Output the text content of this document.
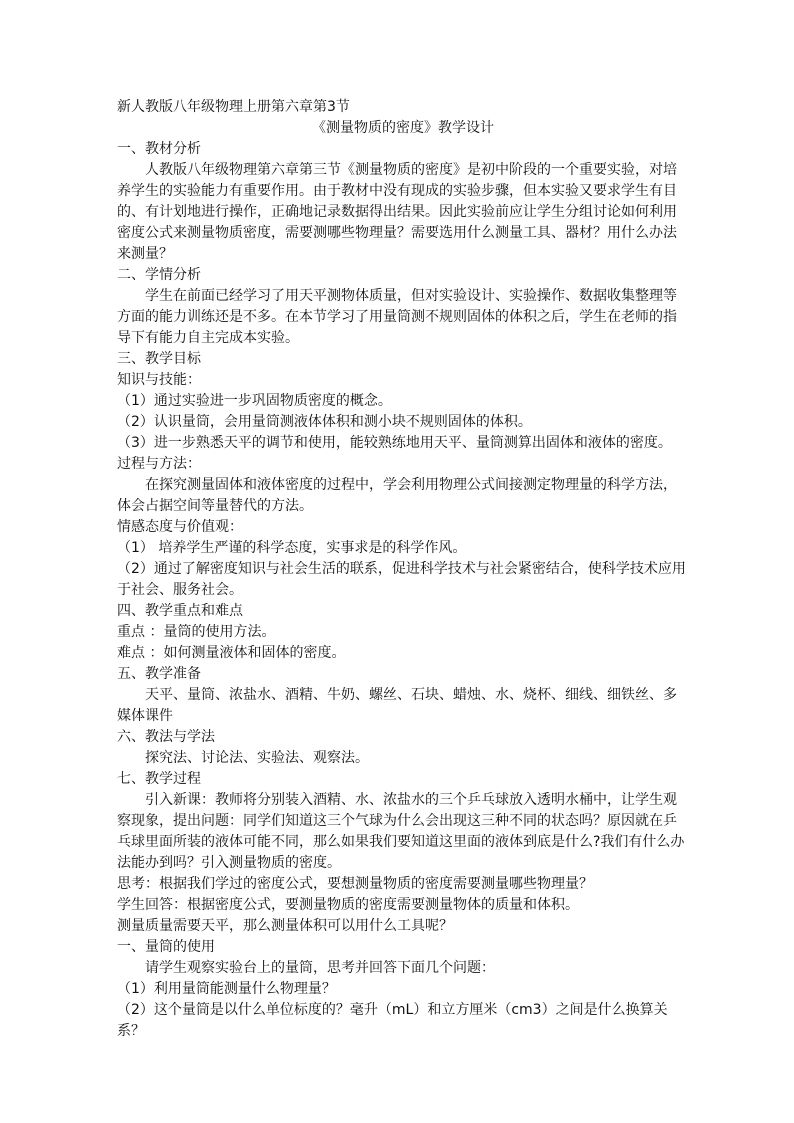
新人教版八年级物理上册第六章第3节

《测量物质的密度》教学设计

一、教材分析

人教版八年级物理第六章第三节《测量物质的密度》是初中阶段的一个重要实验，对培养学生的实验能力有重要作用。由于教材中没有现成的实验步骤，但本实验又要求学生有目的、有计划地进行操作，正确地记录数据得出结果。因此实验前应让学生分组讨论如何利用密度公式来测量物质密度，需要测哪些物理量？需要选用什么测量工具、器材？用什么办法来测量？

二、学情分析

学生在前面已经学习了用天平测物体质量，但对实验设计、实验操作、数据收集整理等方面的能力训练还是不多。在本节学习了用量筒测不规则固体的体积之后，学生在老师的指导下有能力自主完成本实验。

三、教学目标

知识与技能：

（1）通过实验进一步巩固物质密度的概念。

（2）认识量筒，会用量筒测液体体积和测小块不规则固体的体积。

（3）进一步熟悉天平的调节和使用，能较熟练地用天平、量筒测算出固体和液体的密度。

过程与方法：

在探究测量固体和液体密度的过程中，学会利用物理公式间接测定物理量的科学方法，体会占据空间等量替代的方法。

情感态度与价值观：

（1） 培养学生严谨的科学态度，实事求是的科学作风。

（2）通过了解密度知识与社会生活的联系，促进科学技术与社会紧密结合，使科学技术应用于社会、服务社会。

四、教学重点和难点

重点 ：量筒的使用方法。

难点 ：如何测量液体和固体的密度。

五、教学准备

天平、量筒、浓盐水、酒精、牛奶、螺丝、石块、蜡烛、水、烧杯、细线、细铁丝、多媒体课件

六、教法与学法

探究法、讨论法、实验法、观察法。

七、教学过程

引入新课：教师将分别装入酒精、水、浓盐水的三个乒乓球放入透明水桶中，让学生观察现象，提出问题：同学们知道这三个气球为什么会出现这三种不同的状态吗？原因就在乒乓球里面所装的液体可能不同，那么如果我们要知道这里面的液体到底是什么?我们有什么办法能办到吗？引入测量物质的密度。

思考：根据我们学过的密度公式，要想测量物质的密度需要测量哪些物理量？

学生回答：根据密度公式，要测量物质的密度需要测量物体的质量和体积。

测量质量需要天平，那么测量体积可以用什么工具呢？

一、量筒的使用

请学生观察实验台上的量筒，思考并回答下面几个问题：

（1）利用量筒能测量什么物理量？

（2）这个量筒是以什么单位标度的？毫升（mL）和立方厘米（cm3）之间是什么换算关系？
